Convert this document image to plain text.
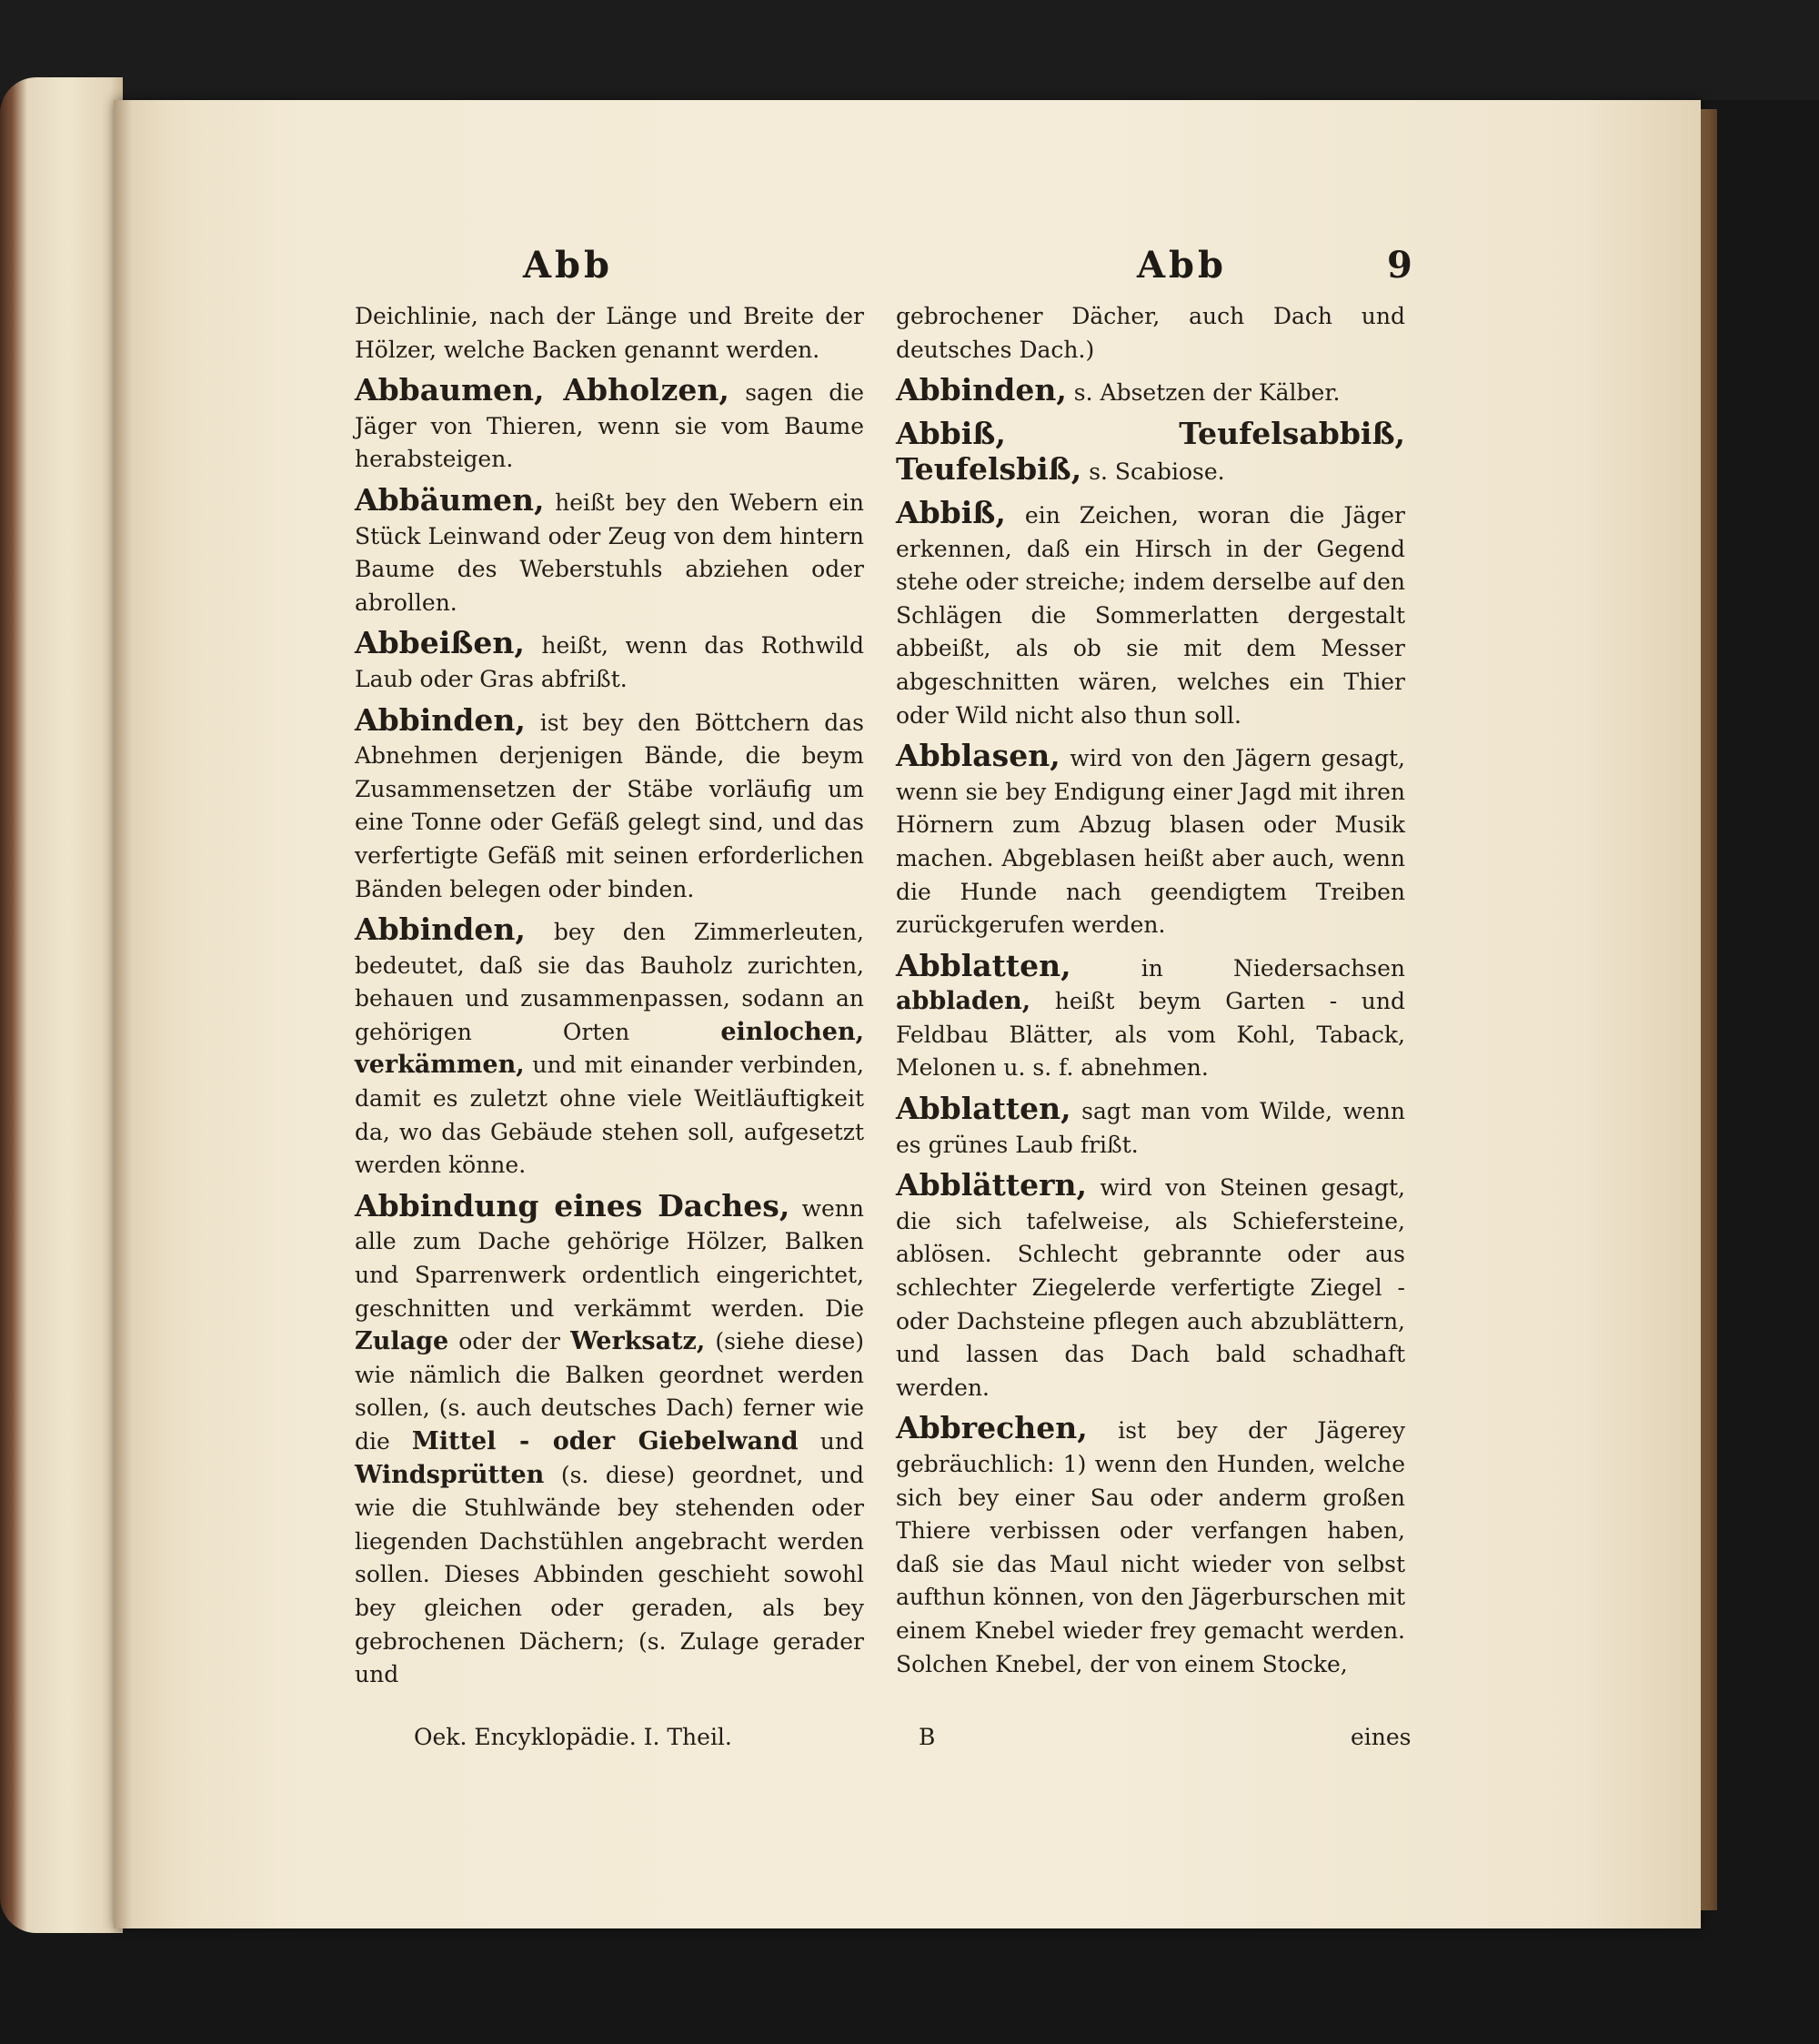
Abb	Abb	9

Deichlinie, nach der Länge und Breite der Hölzer, welche Backen genannt werden.

Abbaumen, Abholzen, sagen die Jäger von Thieren, wenn sie vom Baume herabsteigen.

Abbäumen, heißt bey den Webern ein Stück Leinwand oder Zeug von dem hintern Baume des Weberstuhls abziehen oder abrollen.

Abbeißen, heißt, wenn das Rothwild Laub oder Gras abfrißt.

Abbinden, ist bey den Böttchern das Abnehmen derjenigen Bände, die beym Zusammensetzen der Stäbe vorläufig um eine Tonne oder Gefäß gelegt sind, und das verfertigte Gefäß mit seinen erforderlichen Bänden belegen oder binden.

Abbinden, bey den Zimmerleuten, bedeutet, daß sie das Bauholz zurichten, behauen und zusammenpassen, sodann an gehörigen Orten einlochen, verkämmen, und mit einander verbinden, damit es zuletzt ohne viele Weitläuftigkeit da, wo das Gebäude stehen soll, aufgesetzt werden könne.

Abbindung eines Daches, wenn alle zum Dache gehörige Hölzer, Balken und Sparrenwerk ordentlich eingerichtet, geschnitten und verkämmt werden. Die Zulage oder der Werksatz, (siehe diese) wie nämlich die Balken geordnet werden sollen, (s. auch deutsches Dach) ferner wie die Mittel - oder Giebelwand und Windsprütten (s. diese) geordnet, und wie die Stuhlwände bey stehenden oder liegenden Dachstühlen angebracht werden sollen. Dieses Abbinden geschieht sowohl bey gleichen oder geraden, als bey gebrochenen Dächern; (s. Zulage gerader und

gebrochener Dächer, auch Dach und deutsches Dach.)

Abbinden, s. Absetzen der Kälber.

Abbiß, Teufelsabbiß, Teufelsbiß, s. Scabiose.

Abbiß, ein Zeichen, woran die Jäger erkennen, daß ein Hirsch in der Gegend stehe oder streiche; indem derselbe auf den Schlägen die Sommerlatten dergestalt abbeißt, als ob sie mit dem Messer abgeschnitten wären, welches ein Thier oder Wild nicht also thun soll.

Abblasen, wird von den Jägern gesagt, wenn sie bey Endigung einer Jagd mit ihren Hörnern zum Abzug blasen oder Musik machen. Abgeblasen heißt aber auch, wenn die Hunde nach geendigtem Treiben zurückgerufen werden.

Abblatten, in Niedersachsen abbladen, heißt beym Garten - und Feldbau Blätter, als vom Kohl, Taback, Melonen u. s. f. abnehmen.

Abblatten, sagt man vom Wilde, wenn es grünes Laub frißt.

Abblättern, wird von Steinen gesagt, die sich tafelweise, als Schiefersteine, ablösen. Schlecht gebrannte oder aus schlechter Ziegelerde verfertigte Ziegel - oder Dachsteine pflegen auch abzublättern, und lassen das Dach bald schadhaft werden.

Abbrechen, ist bey der Jägerey gebräuchlich: 1) wenn den Hunden, welche sich bey einer Sau oder anderm großen Thiere verbissen oder verfangen haben, daß sie das Maul nicht wieder von selbst aufthun können, von den Jägerburschen mit einem Knebel wieder frey gemacht werden. Solchen Knebel, der von einem Stocke,

Oek. Encyklopädie. I. Theil.	B	eines
